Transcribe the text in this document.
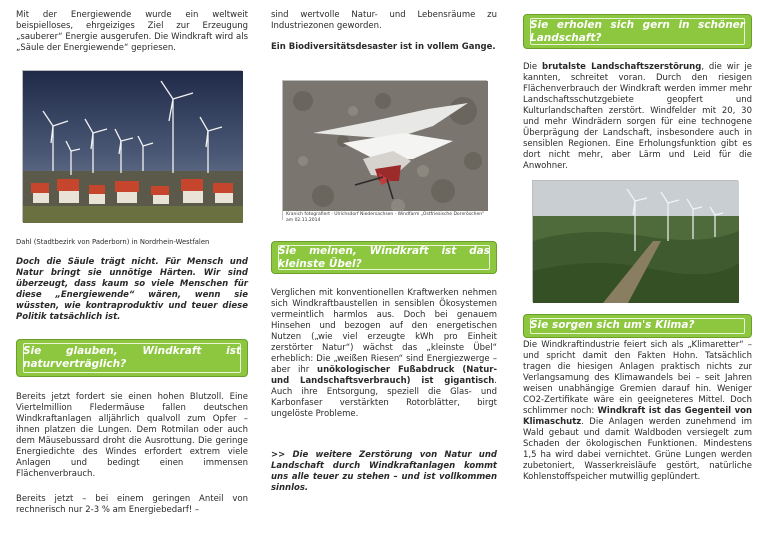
Mit der Energiewende wurde ein weltweit beispielloses, ehrgeiziges Ziel zur Erzeugung „sauberer“ Energie ausgerufen. Die Windkraft wird als „Säule der Energiewende“ gepriesen.

Dahl (Stadtbezirk von Paderborn) in Nordrhein-Westfalen

Doch die Säule trägt nicht. Für Mensch und Natur bringt sie unnötige Härten. Wir sind überzeugt, dass kaum so viele Menschen für diese „Energiewende“ wären, wenn sie wüssten, wie kontraproduktiv und teuer diese Politik tatsächlich ist.

Sie glauben, Windkraft ist naturverträglich?

Bereits jetzt fordert sie einen hohen Blutzoll. Eine Viertelmillion Fledermäuse fallen deutschen Windkraftanlagen alljährlich qualvoll zum Opfer – ihnen platzen die Lungen. Dem Rotmilan oder auch dem Mäusebussard droht die Ausrottung. Die geringe Energiedichte des Windes erfordert extrem viele Anlagen und bedingt einen immensen Flächenverbrauch.

Bereits jetzt – bei einem geringen Anteil von rechnerisch nur 2-3 % am Energiebedarf! –

sind wertvolle Natur- und Lebensräume zu Industriezonen geworden.

Ein Biodiversitätsdesaster ist in vollem Gange.

Kranich fotografiert · Ulrichsdorf Niedersachsen · Windfarm „Ostfriesische Dornröschen“ am 02.11.2014
Sie meinen, Windkraft ist das kleinste Übel?

Verglichen mit konventionellen Kraftwerken nehmen sich Windkraftbaustellen in sensiblen Ökosystemen vermeintlich harmlos aus. Doch bei genauem Hinsehen und bezogen auf den energetischen Nutzen („wie viel erzeugte kWh pro Einheit zerstörter Natur“) wächst das „kleinste Übel“ erheblich: Die „weißen Riesen“ sind Energiezwerge – aber ihr unökologischer Fußabdruck (Natur- und Landschaftsverbrauch) ist gigantisch. Auch ihre Entsorgung, speziell die Glas- und Karbonfaser verstärkten Rotorblätter, birgt ungelöste Probleme.

>> Die weitere Zerstörung von Natur und Landschaft durch Windkraftanlagen kommt uns alle teuer zu stehen – und ist vollkommen sinnlos.

Sie erholen sich gern in schöner Landschaft?

Die brutalste Landschaftszerstörung, die wir je kannten, schreitet voran. Durch den riesigen Flächenverbrauch der Windkraft werden immer mehr Landschaftsschutzgebiete geopfert und Kulturlandschaften zerstört. Windfelder mit 20, 30 und mehr Windrädern sorgen für eine technogene Überprägung der Landschaft, insbesondere auch in sensiblen Regionen. Eine Erholungsfunktion gibt es dort nicht mehr, aber Lärm und Leid für die Anwohner.

Sie sorgen sich um's Klima?

Die Windkraftindustrie feiert sich als „Klimaretter“ – und spricht damit den Fakten Hohn. Tatsächlich tragen die hiesigen Anlagen praktisch nichts zur Verlangsamung des Klimawandels bei – seit Jahren weisen unabhängige Gremien darauf hin. Weniger CO2-Zertifikate wäre ein geeigneteres Mittel. Doch schlimmer noch: Windkraft ist das Gegenteil von Klimaschutz. Die Anlagen werden zunehmend im Wald gebaut und damit Waldboden versiegelt zum Schaden der ökologischen Funktionen. Mindestens 1,5 ha wird dabei vernichtet. Grüne Lungen werden zubetoniert, Wasserkreisläufe gestört, natürliche Kohlenstoffspeicher mutwillig geplündert.
